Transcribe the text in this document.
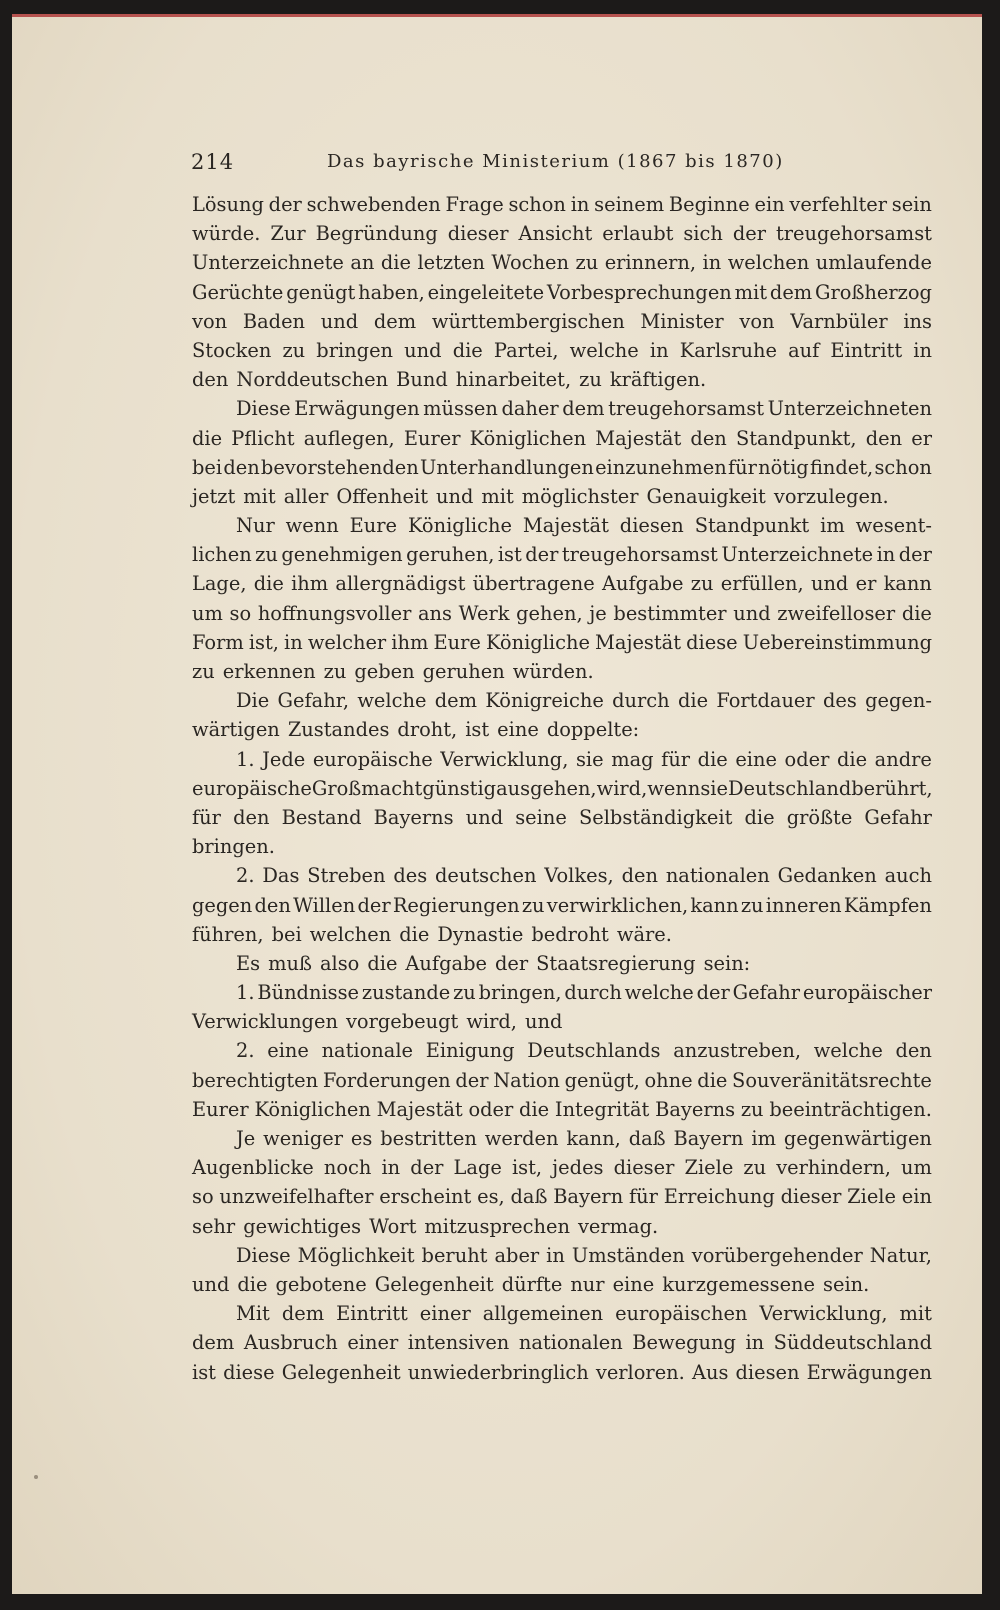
214	Das bayrische Ministerium (1867 bis 1870)
Lösung der schwebenden Frage schon in seinem Beginne ein verfehlter sein
würde. Zur Begründung dieser Ansicht erlaubt sich der treugehorsamst
Unterzeichnete an die letzten Wochen zu erinnern, in welchen umlaufende
Gerüchte genügt haben, eingeleitete Vorbesprechungen mit dem Großherzog
von Baden und dem württembergischen Minister von Varnbüler ins
Stocken zu bringen und die Partei, welche in Karlsruhe auf Eintritt in
den Norddeutschen Bund hinarbeitet, zu kräftigen.
Diese Erwägungen müssen daher dem treugehorsamst Unterzeichneten
die Pflicht auflegen, Eurer Königlichen Majestät den Standpunkt, den er
bei den bevorstehenden Unterhandlungen einzunehmen für nötig findet, schon
jetzt mit aller Offenheit und mit möglichster Genauigkeit vorzulegen.
Nur wenn Eure Königliche Majestät diesen Standpunkt im wesent-
lichen zu genehmigen geruhen, ist der treugehorsamst Unterzeichnete in der
Lage, die ihm allergnädigst übertragene Aufgabe zu erfüllen, und er kann
um so hoffnungsvoller ans Werk gehen, je bestimmter und zweifelloser die
Form ist, in welcher ihm Eure Königliche Majestät diese Uebereinstimmung
zu erkennen zu geben geruhen würden.
Die Gefahr, welche dem Königreiche durch die Fortdauer des gegen-
wärtigen Zustandes droht, ist eine doppelte:
1. Jede europäische Verwicklung, sie mag für die eine oder die andre
europäische Großmacht günstig ausgehen, wird, wenn sie Deutschland berührt,
für den Bestand Bayerns und seine Selbständigkeit die größte Gefahr
bringen.
2. Das Streben des deutschen Volkes, den nationalen Gedanken auch
gegen den Willen der Regierungen zu verwirklichen, kann zu inneren Kämpfen
führen, bei welchen die Dynastie bedroht wäre.
Es muß also die Aufgabe der Staatsregierung sein:
1. Bündnisse zustande zu bringen, durch welche der Gefahr europäischer
Verwicklungen vorgebeugt wird, und
2. eine nationale Einigung Deutschlands anzustreben, welche den
berechtigten Forderungen der Nation genügt, ohne die Souveränitätsrechte
Eurer Königlichen Majestät oder die Integrität Bayerns zu beeinträchtigen.
Je weniger es bestritten werden kann, daß Bayern im gegenwärtigen
Augenblicke noch in der Lage ist, jedes dieser Ziele zu verhindern, um
so unzweifelhafter erscheint es, daß Bayern für Erreichung dieser Ziele ein
sehr gewichtiges Wort mitzusprechen vermag.
Diese Möglichkeit beruht aber in Umständen vorübergehender Natur,
und die gebotene Gelegenheit dürfte nur eine kurzgemessene sein.
Mit dem Eintritt einer allgemeinen europäischen Verwicklung, mit
dem Ausbruch einer intensiven nationalen Bewegung in Süddeutschland
ist diese Gelegenheit unwiederbringlich verloren. Aus diesen Erwägungen
